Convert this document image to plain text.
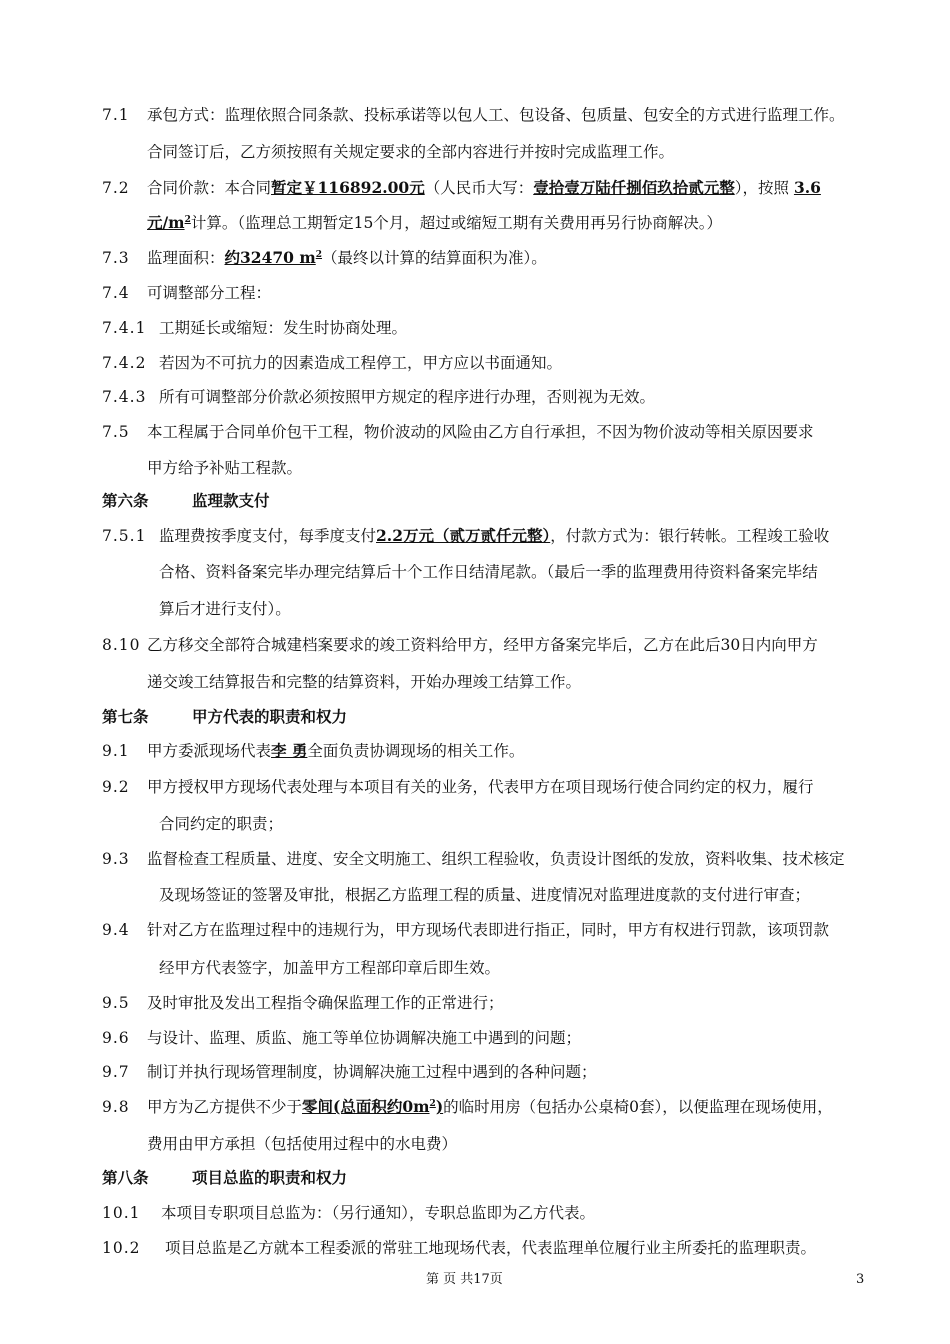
7.1 承包方式：监理依照合同条款、投标承诺等以包人工、包设备、包质量、包安全的方式进行监理工作。
合同签订后，乙方须按照有关规定要求的全部内容进行并按时完成监理工作。
7.2 合同价款：本合同暂定￥116892.00元（人民币大写：壹拾壹万陆仟捌佰玖拾贰元整），按照 3.6
元$/m^2$计算。（监理总工期暂定15个月，超过或缩短工期有关费用再另行协商解决。）
7.3 监理面积：约32470 $m^2$（最终以计算的结算面积为准）。
7.4 可调整部分工程：
7.4.1 工期延长或缩短：发生时协商处理。
7.4.2 若因为不可抗力的因素造成工程停工，甲方应以书面通知。
7.4.3 所有可调整部分价款必须按照甲方规定的程序进行办理，否则视为无效。
7.5 本工程属于合同单价包干工程，物价波动的风险由乙方自行承担，不因为物价波动等相关原因要求
甲方给予补贴工程款。
第六条	监理款支付
7.5.1 监理费按季度支付，每季度支付2.2万元（贰万贰仟元整），付款方式为：银行转帐。工程竣工验收
合格、资料备案完毕办理完结算后十个工作日结清尾款。（最后一季的监理费用待资料备案完毕结
算后才进行支付）。
8.10 乙方移交全部符合城建档案要求的竣工资料给甲方，经甲方备案完毕后，乙方在此后30日内向甲方
递交竣工结算报告和完整的结算资料，开始办理竣工结算工作。
第七条	甲方代表的职责和权力
9.1 甲方委派现场代表李 勇全面负责协调现场的相关工作。
9.2 甲方授权甲方现场代表处理与本项目有关的业务，代表甲方在项目现场行使合同约定的权力，履行
合同约定的职责；
9.3 监督检查工程质量、进度、安全文明施工、组织工程验收，负责设计图纸的发放，资料收集、技术核定
及现场签证的签署及审批，根据乙方监理工程的质量、进度情况对监理进度款的支付进行审查；
9.4 针对乙方在监理过程中的违规行为，甲方现场代表即进行指正，同时，甲方有权进行罚款，该项罚款
经甲方代表签字，加盖甲方工程部印章后即生效。
9.5 及时审批及发出工程指令确保监理工作的正常进行；
9.6 与设计、监理、质监、施工等单位协调解决施工中遇到的问题；
9.7 制订并执行现场管理制度，协调解决施工过程中遇到的各种问题；
9.8 甲方为乙方提供不少于零间(总面积约$0m^2$)的临时用房（包括办公桌椅0套），以便监理在现场使用，
费用由甲方承担（包括使用过程中的水电费）
第八条	项目总监的职责和权力
10.1 本项目专职项目总监为：（另行通知），专职总监即为乙方代表。
10.2 项目总监是乙方就本工程委派的常驻工地现场代表，代表监理单位履行业主所委托的监理职责。
第 页 共17页	3
